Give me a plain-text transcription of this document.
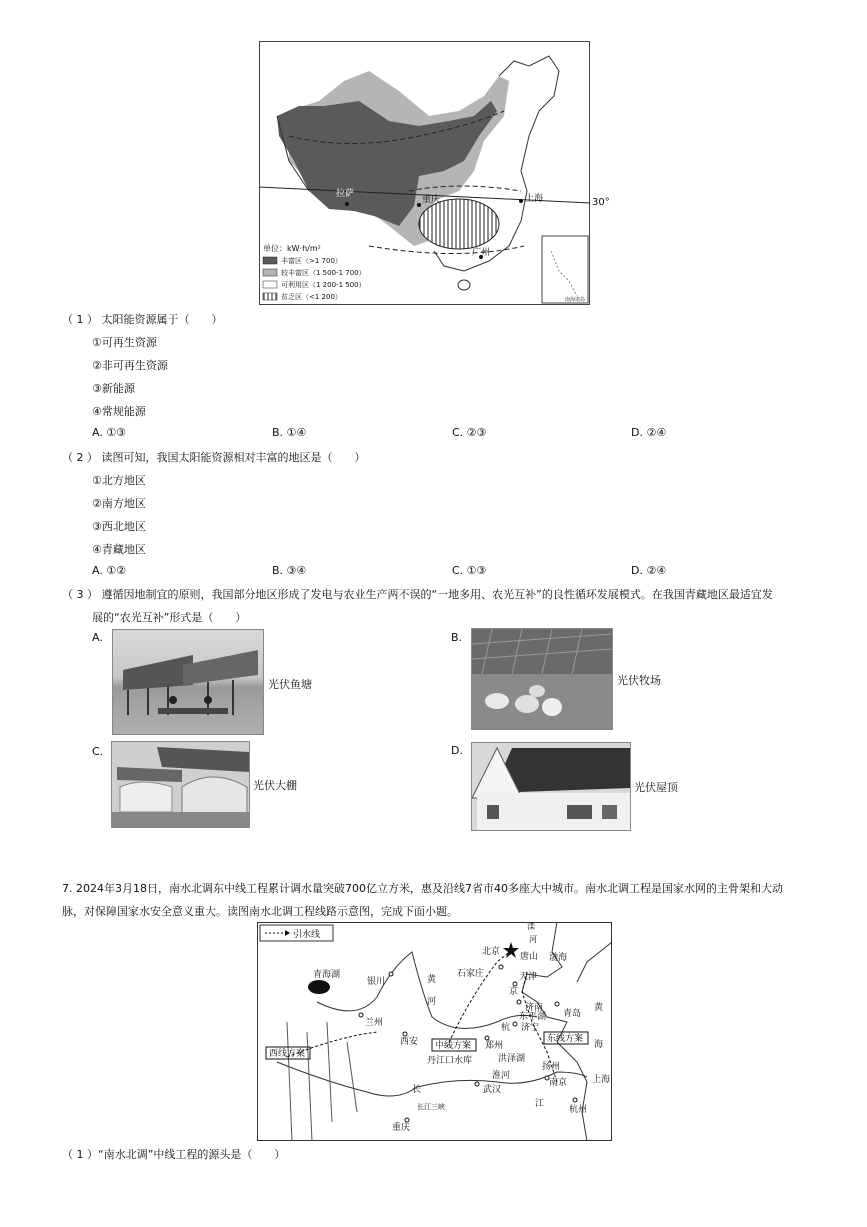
南海诸岛
拉萨
重庆	上海
广州
单位：kW·h/m²
丰富区（>1 700）
较丰富区（1 500-1 700）
可利用区（1 200-1 500）
贫乏区（<1 200）
30°
（ 1 ） 太阳能资源属于（　　）
①可再生资源
②非可再生资源
③新能源
④常规能源
A. ①③	B. ①④	C. ②③	D. ②④
（ 2 ） 读图可知，我国太阳能资源相对丰富的地区是（　　）
①北方地区
②南方地区
③西北地区
④青藏地区
A. ①②	B. ③④	C. ①③	D. ②④
（ 3 ） 遵循因地制宜的原则，我国部分地区形成了发电与农业生产两不误的“一地多用、农光互补”的良性循环发展模式。在我国青藏地区最适宜发
展的“农光互补”形式是（　　）
A.
光伏鱼塘
B.
光伏牧场
C.
光伏大棚
D.
光伏屋顶
7. 2024年3月18日，南水北调东中线工程累计调水量突破700亿立方米，惠及沿线7省市40多座大中城市。南水北调工程是国家水网的主骨架和大动
脉，对保障国家水安全意义重大。读图南水北调工程线路示意图，完成下面小题。
引水线
青海湖
银川	黄
河
兰州
西安
北京 唐山
石家庄	天津
渤海
滦
河
京
济南
东平湖 青岛
济宁
杭
黄
海
郑州
中线方案
丹江口水库
东线方案
洪泽湖
扬州
淮河
西线方案
长
长江三峡
武汉
江
南京	上海
杭州
重庆
（ 1 ）“南水北调”中线工程的源头是（　　）
